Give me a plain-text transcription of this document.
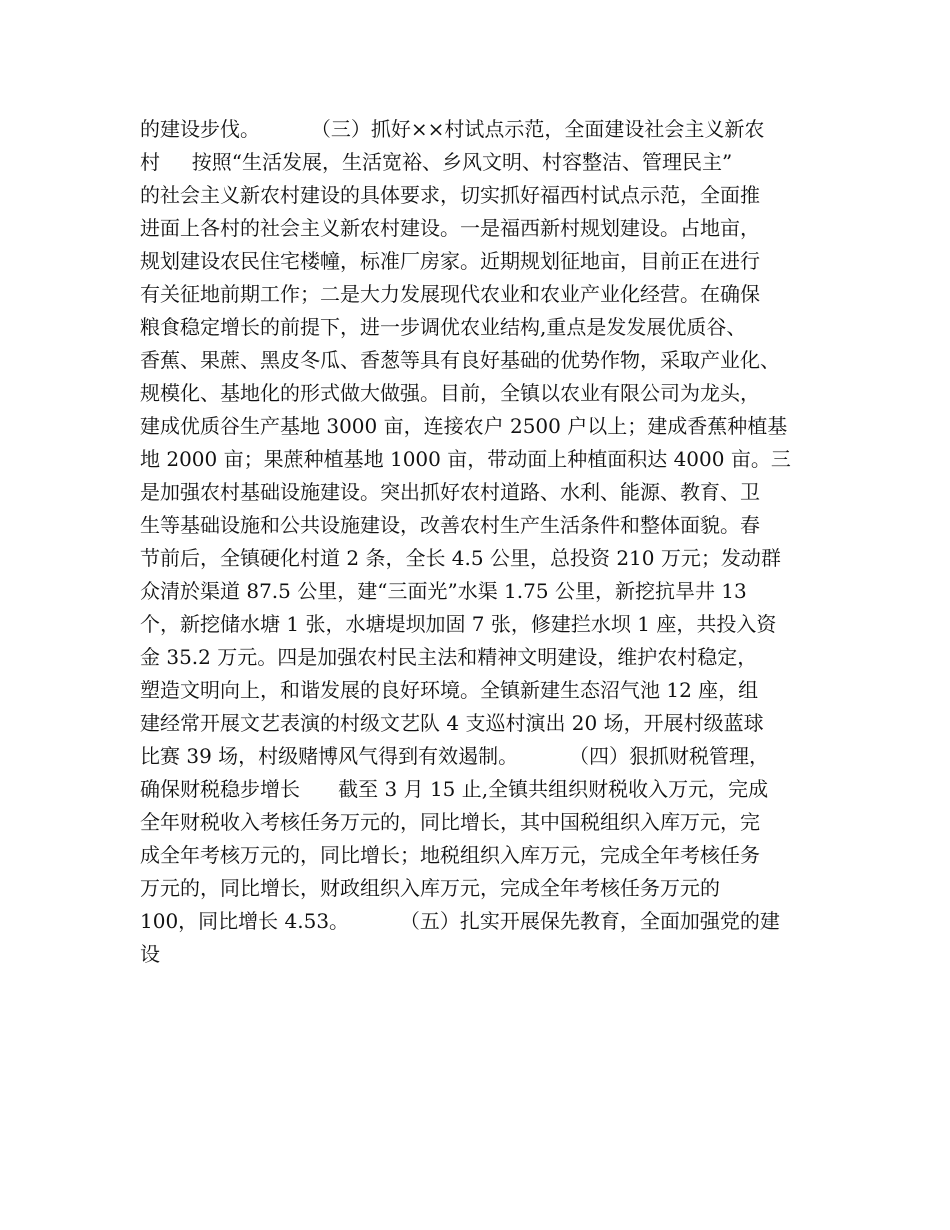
的建设步伐。        （三）抓好××村试点示范，全面建设社会主义新农
村     按照“生活发展，生活宽裕、乡风文明、村容整洁、管理民主”
的社会主义新农村建设的具体要求，切实抓好福西村试点示范，全面推
进面上各村的社会主义新农村建设。一是福西新村规划建设。占地亩，
规划建设农民住宅楼幢，标准厂房家。近期规划征地亩，目前正在进行
有关征地前期工作；二是大力发展现代农业和农业产业化经营。在确保
粮食稳定增长的前提下，进一步调优农业结构,重点是发发展优质谷、
香蕉、果蔗、黑皮冬瓜、香葱等具有良好基础的优势作物，采取产业化、
规模化、基地化的形式做大做强。目前，全镇以农业有限公司为龙头，
建成优质谷生产基地 3000 亩，连接农户 2500 户以上；建成香蕉种植基
地 2000 亩；果蔗种植基地 1000 亩，带动面上种植面积达 4000 亩。三
是加强农村基础设施建设。突出抓好农村道路、水利、能源、教育、卫
生等基础设施和公共设施建设，改善农村生产生活条件和整体面貌。春
节前后，全镇硬化村道 2 条，全长 4.5 公里，总投资 210 万元；发动群
众清於渠道 87.5 公里，建“三面光”水渠 1.75 公里，新挖抗旱井 13
个，新挖储水塘 1 张，水塘堤坝加固 7 张，修建拦水坝 1 座，共投入资
金 35.2 万元。四是加强农村民主法和精神文明建设，维护农村稳定，
塑造文明向上，和谐发展的良好环境。全镇新建生态沼气池 12 座，组
建经常开展文艺表演的村级文艺队 4 支巡村演出 20 场，开展村级蓝球
比赛 39 场，村级赌博风气得到有效遏制。        （四）狠抓财税管理，
确保财税稳步增长      截至 3 月 15 止,全镇共组织财税收入万元，完成
全年财税收入考核任务万元的，同比增长，其中国税组织入库万元，完
成全年考核万元的，同比增长；地税组织入库万元，完成全年考核任务
万元的，同比增长，财政组织入库万元，完成全年考核任务万元的
100，同比增长 4.53。        （五）扎实开展保先教育，全面加强党的建
设
